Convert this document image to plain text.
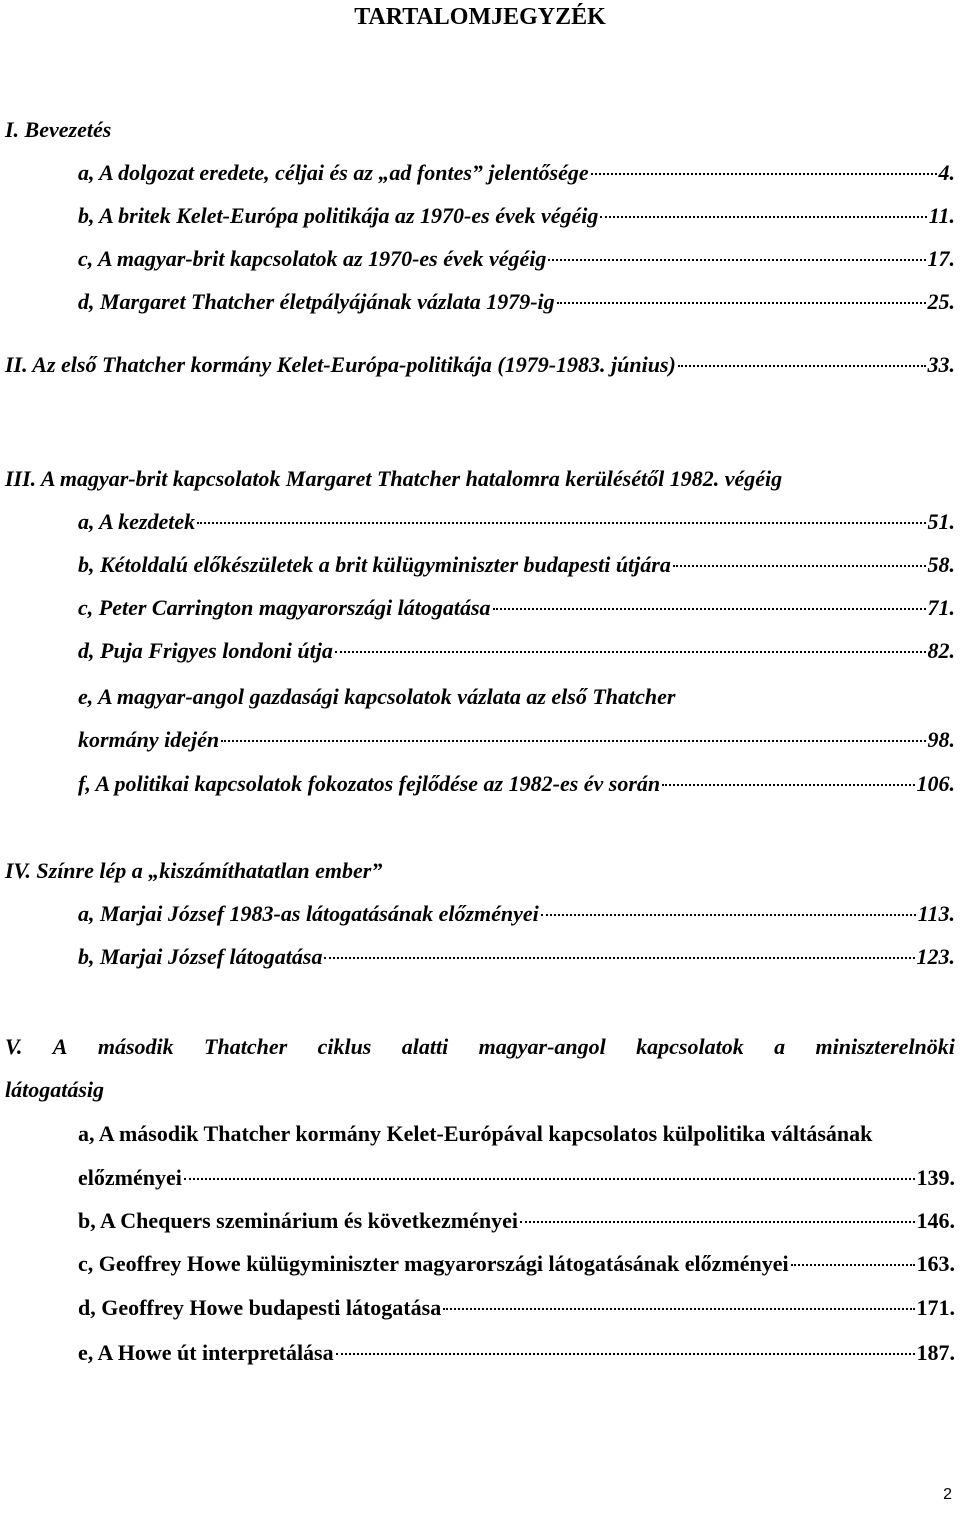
TARTALOMJEGYZÉK
I. Bevezetés
a, A dolgozat eredete, céljai és az „ad fontes” jelentősége	4.
b, A britek Kelet-Európa politikája az 1970-es évek végéig	11.
c, A magyar-brit kapcsolatok az 1970-es évek végéig	17.
d, Margaret Thatcher életpályájának vázlata 1979-ig	25.
II. Az első Thatcher kormány Kelet-Európa-politikája (1979-1983. június)	33.
III. A magyar-brit kapcsolatok Margaret Thatcher hatalomra kerülésétől 1982. végéig
a, A kezdetek	51.
b, Kétoldalú előkészületek a brit külügyminiszter budapesti útjára	58.
c, Peter Carrington magyarországi látogatása	71.
d, Puja Frigyes londoni útja	82.
e, A magyar-angol gazdasági kapcsolatok vázlata az első Thatcher
kormány idején	98.
f, A politikai kapcsolatok fokozatos fejlődése az 1982-es év során	106.
IV. Színre lép a „kiszámíthatatlan ember”
a, Marjai József 1983-as látogatásának előzményei	113.
b, Marjai József látogatása	123.
V. A második Thatcher ciklus alatti magyar-angol kapcsolatok a miniszterelnöki
látogatásig
a, A második Thatcher kormány Kelet-Európával kapcsolatos külpolitika váltásának
előzményei	139.
b, A Chequers szeminárium és következményei	146.
c, Geoffrey Howe külügyminiszter magyarországi látogatásának előzményei	163.
d, Geoffrey Howe budapesti látogatása	171.
e, A Howe út interpretálása	187.
2
